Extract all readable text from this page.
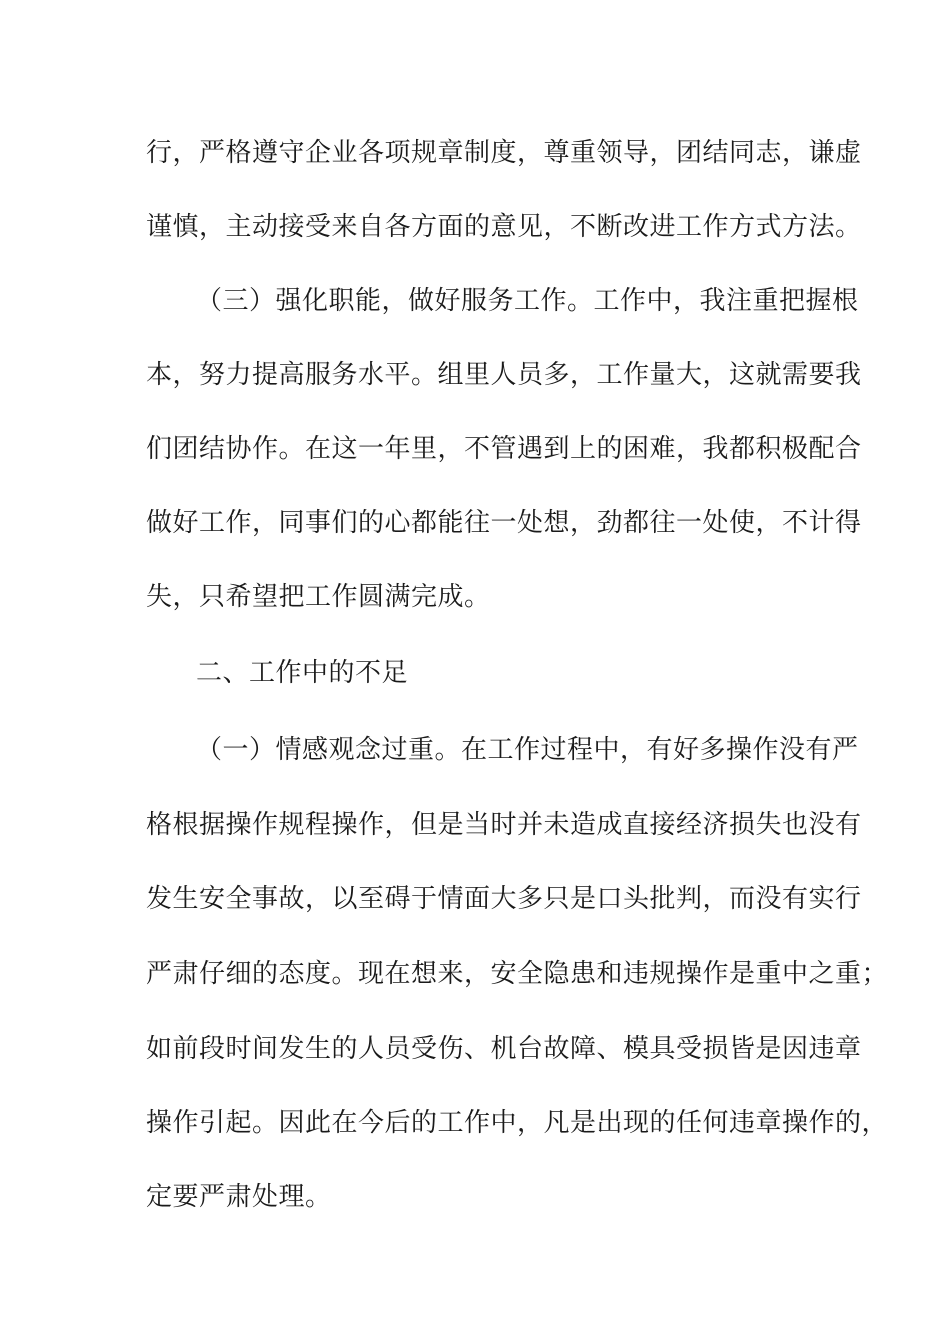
行，严格遵守企业各项规章制度，尊重领导，团结同志，谦虚
谨慎，主动接受来自各方面的意见，不断改进工作方式方法。
（三）强化职能，做好服务工作。工作中，我注重把握根
本，努力提高服务水平。组里人员多，工作量大，这就需要我
们团结协作。在这一年里，不管遇到上的困难，我都积极配合
做好工作，同事们的心都能往一处想，劲都往一处使，不计得
失，只希望把工作圆满完成。
二、工作中的不足
（一）情感观念过重。在工作过程中，有好多操作没有严
格根据操作规程操作，但是当时并未造成直接经济损失也没有
发生安全事故，以至碍于情面大多只是口头批判，而没有实行
严肃仔细的态度。现在想来，安全隐患和违规操作是重中之重；
如前段时间发生的人员受伤、机台故障、模具受损皆是因违章
操作引起。因此在今后的工作中，凡是出现的任何违章操作的，
定要严肃处理。
